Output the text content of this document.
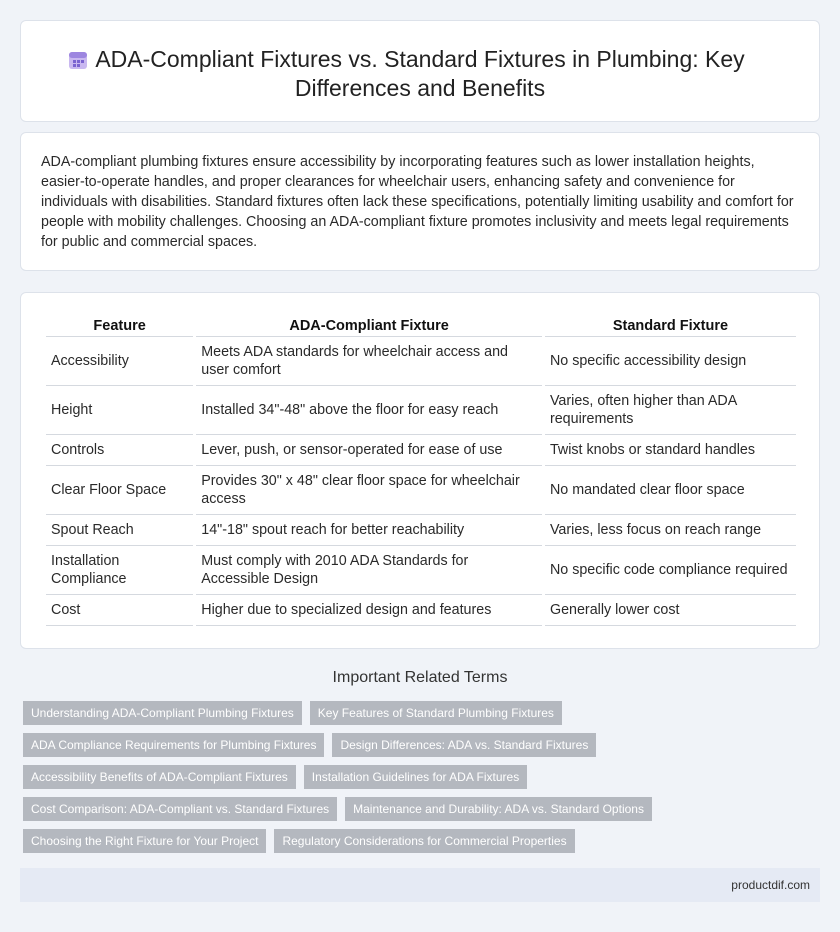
ADA-Compliant Fixtures vs. Standard Fixtures in Plumbing: Key Differences and Benefits

ADA-compliant plumbing fixtures ensure accessibility by incorporating features such as lower installation heights, easier-to-operate handles, and proper clearances for wheelchair users, enhancing safety and convenience for individuals with disabilities. Standard fixtures often lack these specifications, potentially limiting usability and comfort for people with mobility challenges. Choosing an ADA-compliant fixture promotes inclusivity and meets legal requirements for public and commercial spaces.

Feature	ADA-Compliant Fixture	Standard Fixture
Accessibility	Meets ADA standards for wheelchair access and user comfort	No specific accessibility design
Height	Installed 34"-48" above the floor for easy reach	Varies, often higher than ADA requirements
Controls	Lever, push, or sensor-operated for ease of use	Twist knobs or standard handles
Clear Floor Space	Provides 30" x 48" clear floor space for wheelchair access	No mandated clear floor space
Spout Reach	14"-18" spout reach for better reachability	Varies, less focus on reach range
Installation Compliance	Must comply with 2010 ADA Standards for Accessible Design	No specific code compliance required
Cost	Higher due to specialized design and features	Generally lower cost
Important Related Terms
Understanding ADA-Compliant Plumbing Fixtures	Key Features of Standard Plumbing Fixtures
ADA Compliance Requirements for Plumbing Fixtures	Design Differences: ADA vs. Standard Fixtures
Accessibility Benefits of ADA-Compliant Fixtures	Installation Guidelines for ADA Fixtures
Cost Comparison: ADA-Compliant vs. Standard Fixtures	Maintenance and Durability: ADA vs. Standard Options
Choosing the Right Fixture for Your Project	Regulatory Considerations for Commercial Properties
productdif.com
